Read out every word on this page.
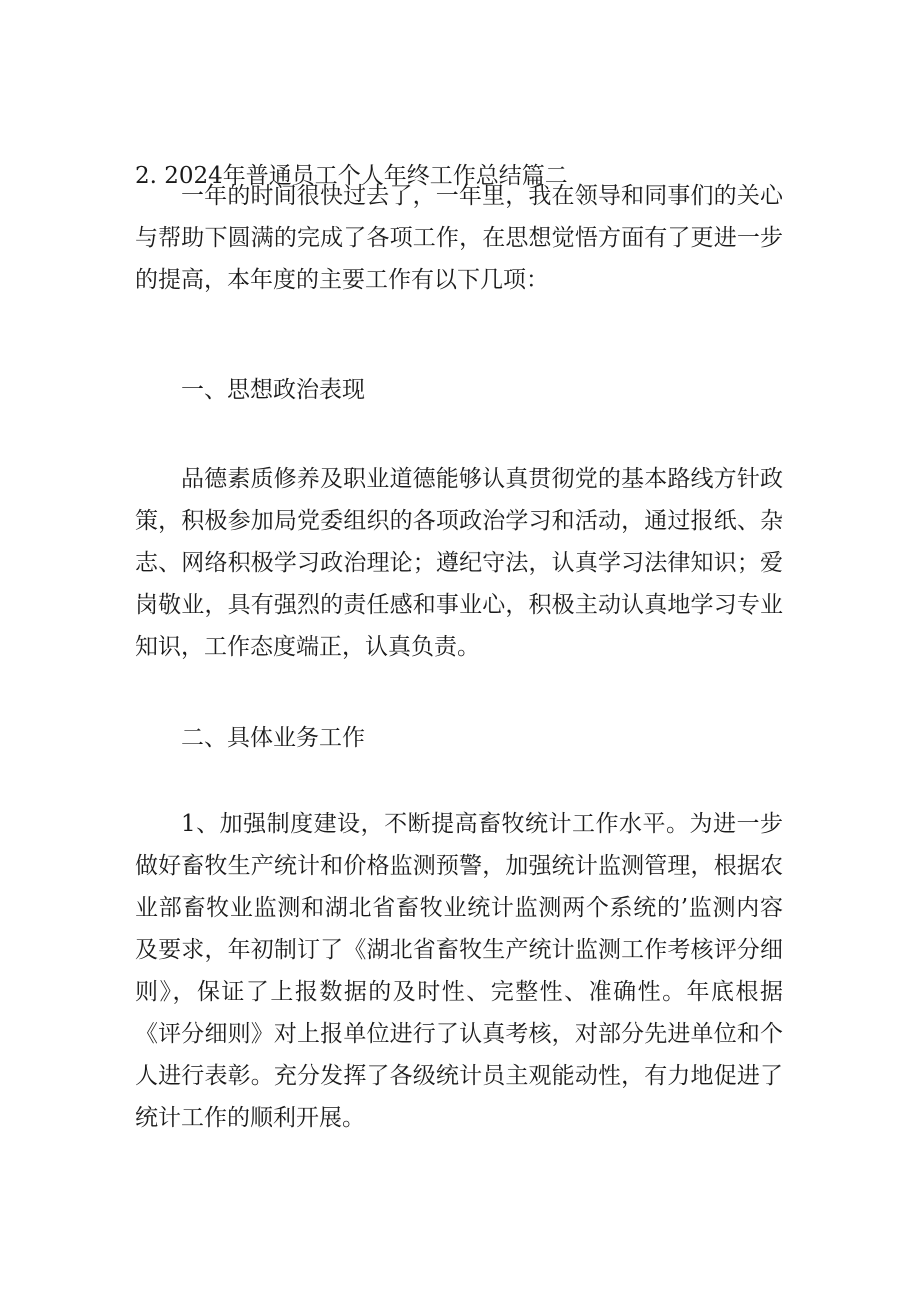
2. 2024年普通员工个人年终工作总结篇二
一年的时间很快过去了，一年里，我在领导和同事们的关心与帮助下圆满的完成了各项工作，在思想觉悟方面有了更进一步的提高，本年度的主要工作有以下几项：
一、思想政治表现
品德素质修养及职业道德能够认真贯彻党的基本路线方针政策，积极参加局党委组织的各项政治学习和活动，通过报纸、杂志、网络积极学习政治理论；遵纪守法，认真学习法律知识；爱岗敬业，具有强烈的责任感和事业心，积极主动认真地学习专业知识，工作态度端正，认真负责。
二、具体业务工作
1、加强制度建设，不断提高畜牧统计工作水平。为进一步做好畜牧生产统计和价格监测预警，加强统计监测管理，根据农业部畜牧业监测和湖北省畜牧业统计监测两个系统的’监测内容及要求，年初制订了《湖北省畜牧生产统计监测工作考核评分细则》，保证了上报数据的及时性、完整性、准确性。年底根据《评分细则》对上报单位进行了认真考核，对部分先进单位和个人进行表彰。充分发挥了各级统计员主观能动性，有力地促进了统计工作的顺利开展。
